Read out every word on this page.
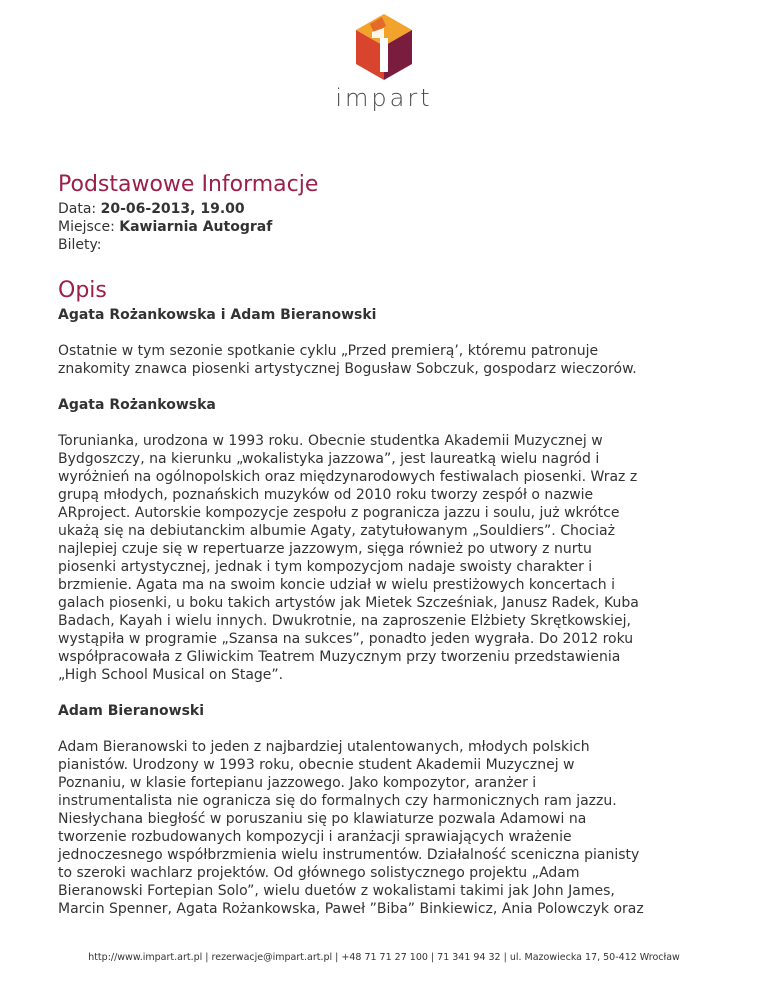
impart
Podstawowe Informacje
Data: 20-06-2013, 19.00
Miejsce: Kawiarnia Autograf
Bilety:
Opis

Agata Rożankowska i Adam Bieranowski

Ostatnie w tym sezonie spotkanie cyklu „Przed premierą’, któremu patronuje

znakomity znawca piosenki artystycznej Bogusław Sobczuk, gospodarz wieczorów.

Agata Rożankowska

Torunianka, urodzona w 1993 roku. Obecnie studentka Akademii Muzycznej w

Bydgoszczy, na kierunku „wokalistyka jazzowa”, jest laureatką wielu nagród i

wyróżnień na ogólnopolskich oraz międzynarodowych festiwalach piosenki. Wraz z

grupą młodych, poznańskich muzyków od 2010 roku tworzy zespół o nazwie

ARproject. Autorskie kompozycje zespołu z pogranicza jazzu i soulu, już wkrótce

ukażą się na debiutanckim albumie Agaty, zatytułowanym „Souldiers”. Chociaż

najlepiej czuje się w repertuarze jazzowym, sięga również po utwory z nurtu

piosenki artystycznej, jednak i tym kompozycjom nadaje swoisty charakter i

brzmienie. Agata ma na swoim koncie udział w wielu prestiżowych koncertach i

galach piosenki, u boku takich artystów jak Mietek Szcześniak, Janusz Radek, Kuba

Badach, Kayah i wielu innych. Dwukrotnie, na zaproszenie Elżbiety Skrętkowskiej,

wystąpiła w programie „Szansa na sukces”, ponadto jeden wygrała. Do 2012 roku

współpracowała z Gliwickim Teatrem Muzycznym przy tworzeniu przedstawienia

„High School Musical on Stage”.

Adam Bieranowski

Adam Bieranowski to jeden z najbardziej utalentowanych, młodych polskich

pianistów. Urodzony w 1993 roku, obecnie student Akademii Muzycznej w

Poznaniu, w klasie fortepianu jazzowego. Jako kompozytor, aranżer i

instrumentalista nie ogranicza się do formalnych czy harmonicznych ram jazzu.

Niesłychana biegłość w poruszaniu się po klawiaturze pozwala Adamowi na

tworzenie rozbudowanych kompozycji i aranżacji sprawiających wrażenie

jednoczesnego współbrzmienia wielu instrumentów. Działalność sceniczna pianisty

to szeroki wachlarz projektów. Od głównego solistycznego projektu „Adam

Bieranowski Fortepian Solo”, wielu duetów z wokalistami takimi jak John James,

Marcin Spenner, Agata Rożankowska, Paweł ”Biba” Binkiewicz, Ania Polowczyk oraz

http://www.impart.art.pl | rezerwacje@impart.art.pl | +48 71 71 27 100 | 71 341 94 32 | ul. Mazowiecka 17, 50-412 Wrocław
